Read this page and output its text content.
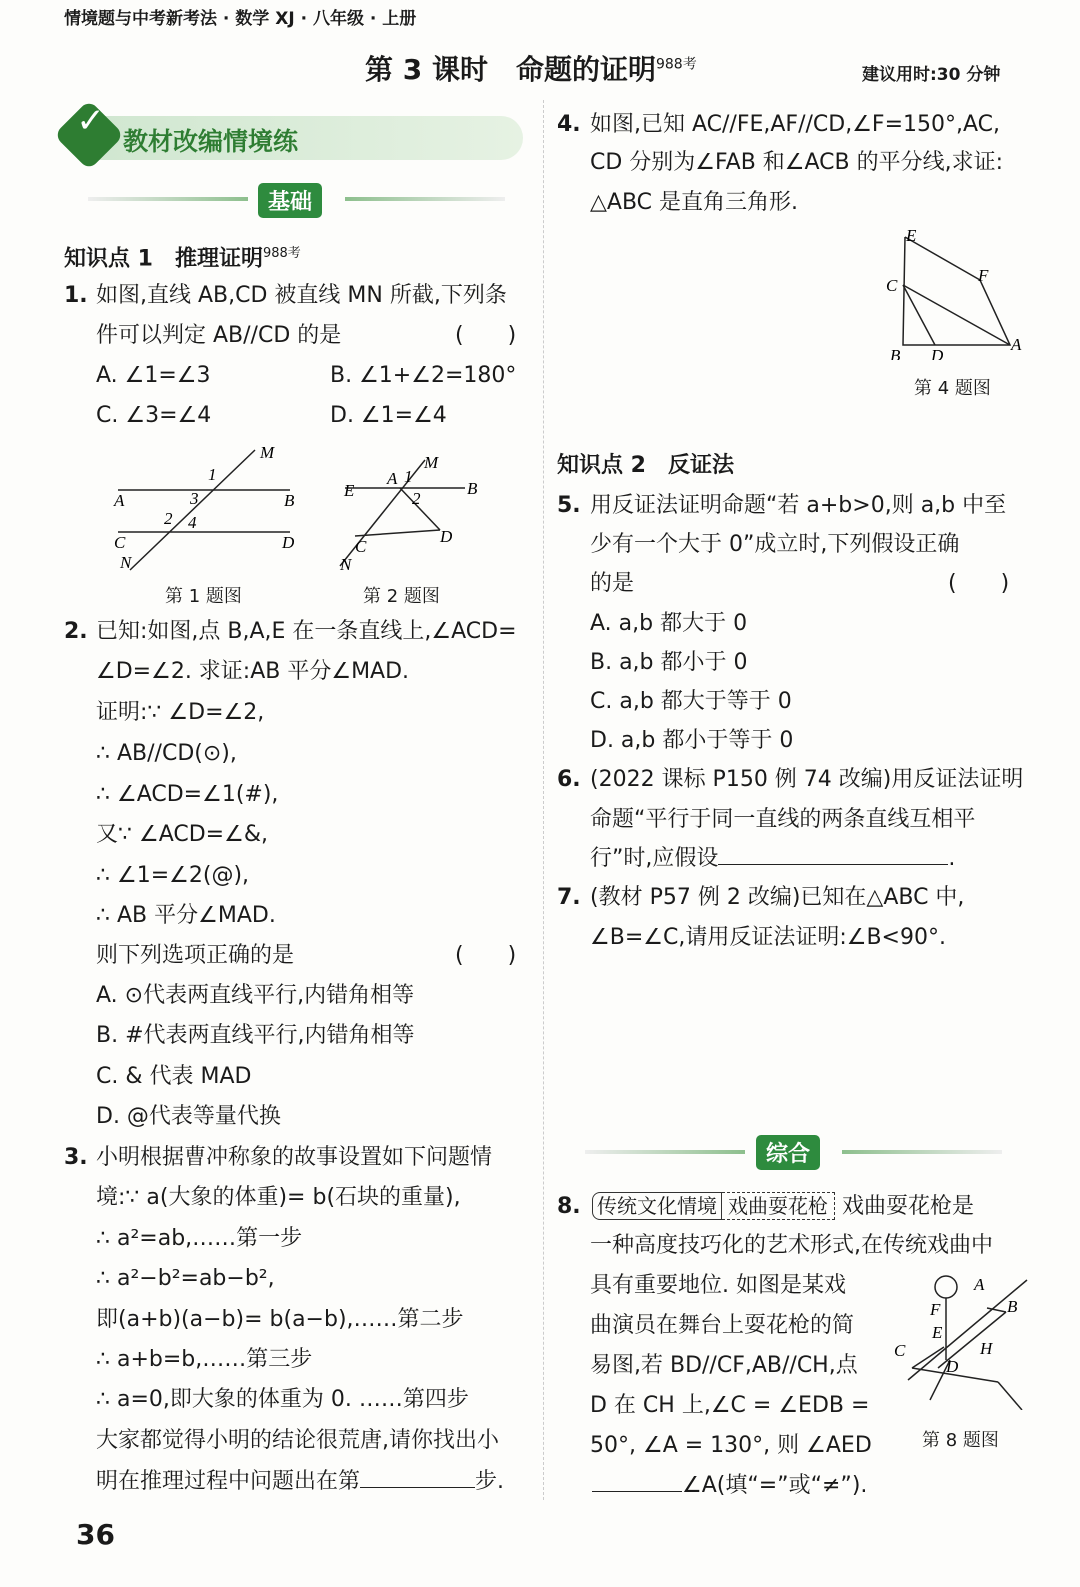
情境题与中考新考法 · 数学 XJ · 八年级 · 上册
第 3 课时　命题的证明$^{988考}$
建议用时:30 分钟
✓
教材改编情境练
基础
知识点 1　推理证明$^{988考}$
1. 如图,直线 AB,CD 被直线 MN 所截,下列条
件可以判定 AB//CD 的是	(　　)
A. ∠1=∠3	B. ∠1+∠2=180°
C. ∠3=∠4	D. ∠1=∠4
M
1
A	3	B
2 4
C	D
N
M
A 1
E	2
B
C
D
N
第 1 题图	第 2 题图
2. 已知:如图,点 B,A,E 在一条直线上,∠ACD=
∠D=∠2. 求证:AB 平分∠MAD.
证明:∵ ∠D=∠2,
∴ AB//CD(⊙),
∴ ∠ACD=∠1(#),
又∵ ∠ACD=∠&,
∴ ∠1=∠2(@),
∴ AB 平分∠MAD.
则下列选项正确的是	(　　)
A. ⊙代表两直线平行,内错角相等
B. #代表两直线平行,内错角相等
C. & 代表 MAD
D. @代表等量代换
3. 小明根据曹冲称象的故事设置如下问题情
境:∵ a(大象的体重)= b(石块的重量),
∴ a²=ab,……第一步
∴ a²−b²=ab−b²,
即(a+b)(a−b)= b(a−b),……第二步
∴ a+b=b,……第三步
∴ a=0,即大象的体重为 0. ……第四步
大家都觉得小明的结论很荒唐,请你找出小
明在推理过程中问题出在第	步.
4. 如图,已知 AC//FE,AF//CD,∠F=150°,AC,
CD 分别为∠FAB 和∠ACB 的平分线,求证:
△ABC 是直角三角形.
E
F
C
A
B D
第 4 题图
知识点 2　反证法
5. 用反证法证明命题“若 a+b>0,则 a,b 中至
少有一个大于 0”成立时,下列假设正确
的是	(　　)
A. a,b 都大于 0
B. a,b 都小于 0
C. a,b 都大于等于 0
D. a,b 都小于等于 0
6. (2022 课标 P150 例 74 改编)用反证法证明
命题“平行于同一直线的两条直线互相平
行”时,应假设	.
7. (教材 P57 例 2 改编)已知在△ABC 中,
∠B=∠C,请用反证法证明:∠B<90°.
综合
8. 传统文化情境 戏曲耍花枪 戏曲耍花枪是
一种高度技巧化的艺术形式,在传统戏曲中
具有重要地位. 如图是某戏
曲演员在舞台上耍花枪的简
易图,若 BD//CF,AB//CH,点
D 在 CH 上,∠C = ∠EDB =
50°, ∠A = 130°, 则 ∠AED
∠A(填“=”或“≠”).
A
B
F
E
C	H
D
第 8 题图
36
